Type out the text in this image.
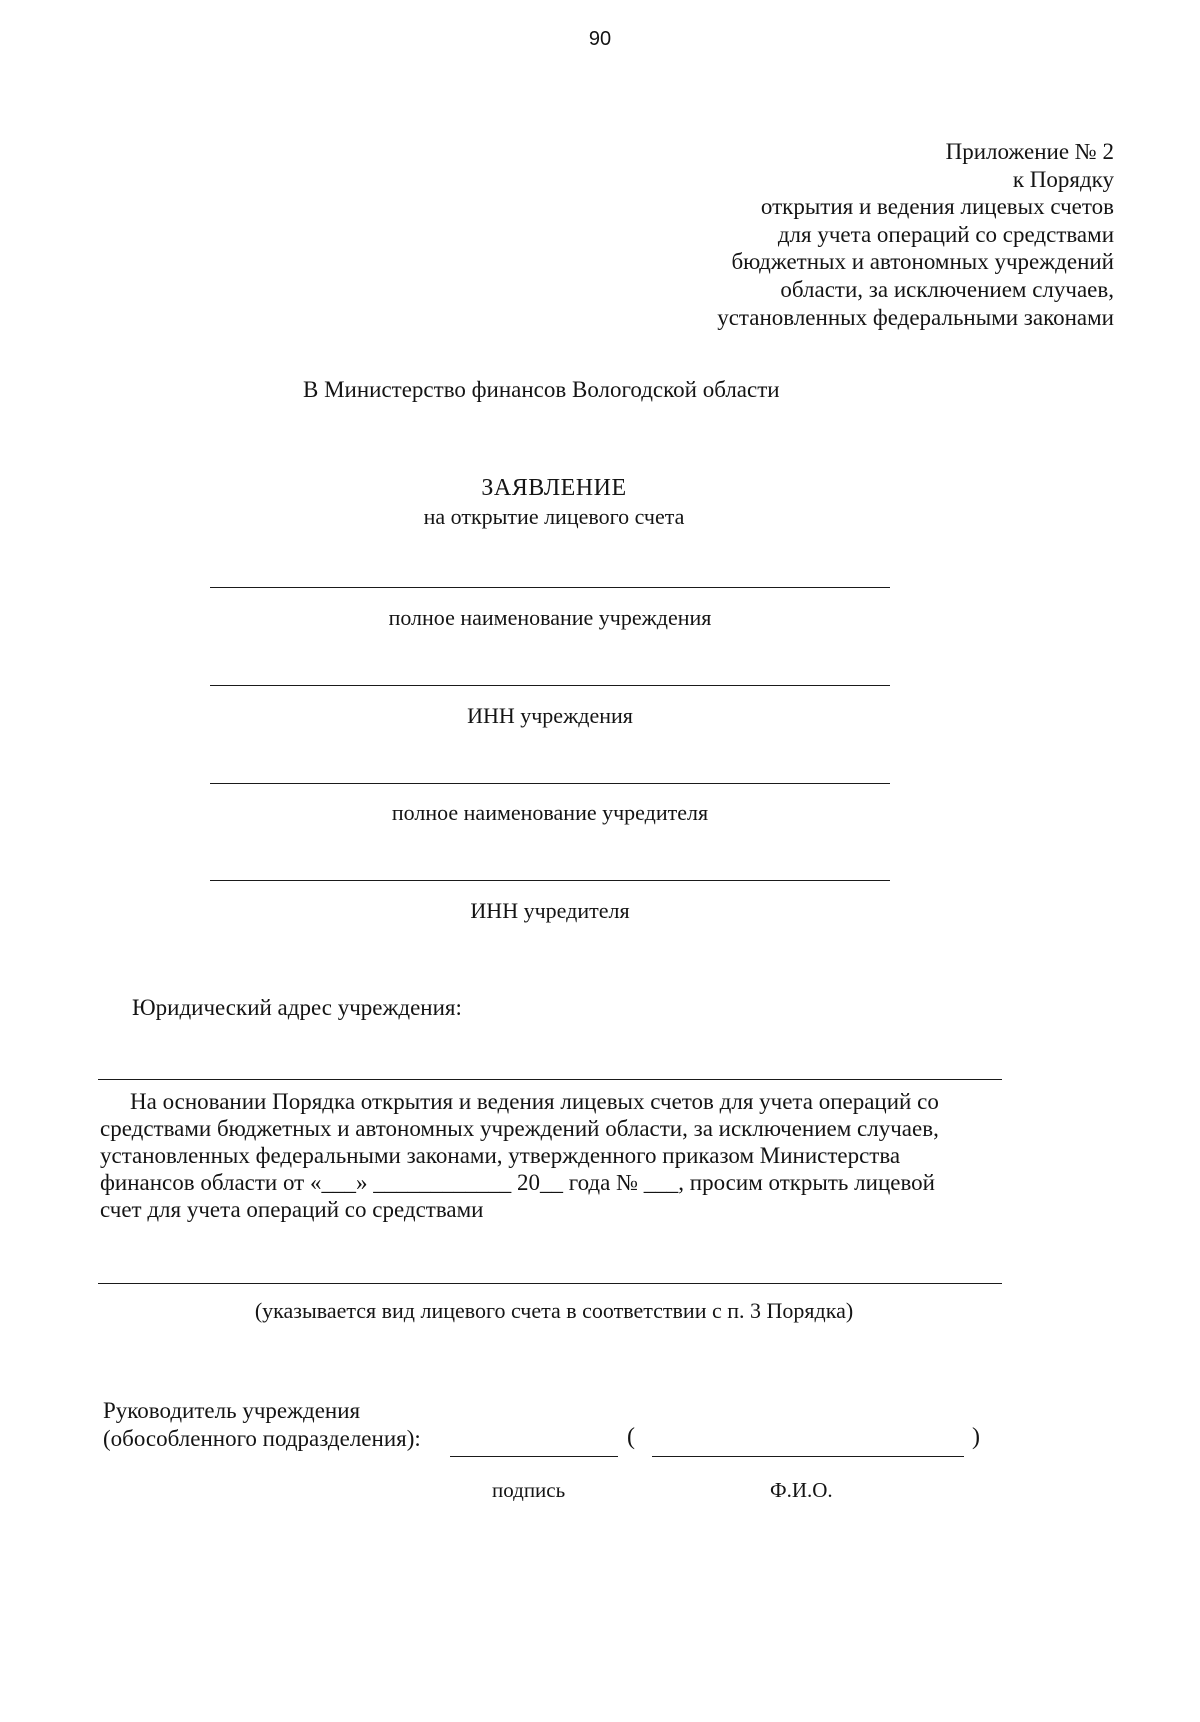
90
Приложение № 2
к Порядку
открытия и ведения лицевых счетов
для учета операций со средствами
бюджетных и автономных учреждений
области, за исключением случаев,
установленных федеральными законами
В Министерство финансов Вологодской области
ЗАЯВЛЕНИЕ
на открытие лицевого счета
полное наименование учреждения
ИНН учреждения
полное наименование учредителя
ИНН учредителя
Юридический адрес учреждения:
На основании Порядка открытия и ведения лицевых счетов для учета операций со
средствами бюджетных и автономных учреждений области, за исключением случаев,
установленных федеральными законами, утвержденного приказом Министерства
финансов области от «___» ____________ 20__ года № ___, просим открыть лицевой
счет для учета операций со средствами
(указывается вид лицевого счета в соответствии с п. 3 Порядка)
Руководитель учреждения
(обособленного подразделения):	(	)
подпись	Ф.И.О.
